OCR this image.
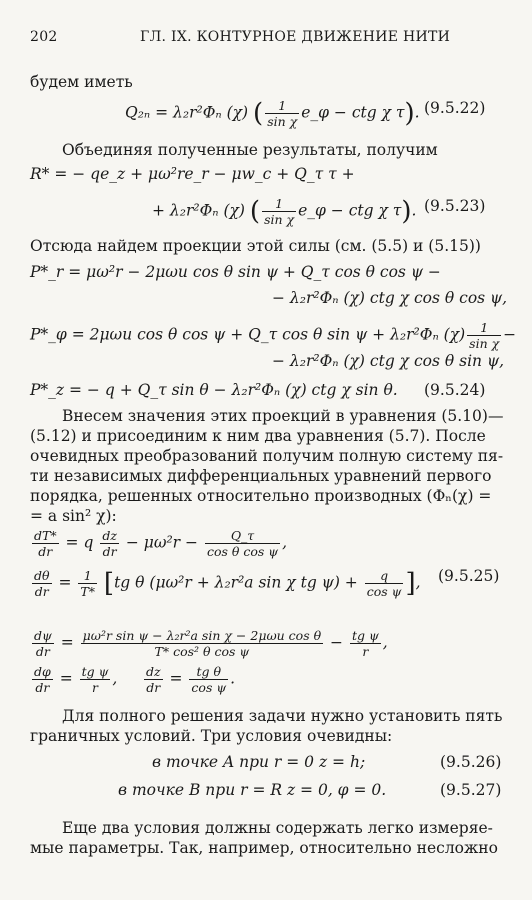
202	ГЛ. IX. КОНТУРНОЕ ДВИЖЕНИЕ НИТИ
будем иметь
Q₂ₙ = λ₂r²Φₙ (χ) ( $\frac{1}{\text{sin χ}}$ e_φ − ctg χ τ). (9.5.22)
Объединяя полученные результаты, получим
R* = − qe_z + μω²re_r − μw_c + Q_τ τ +
+ λ₂r²Φₙ (χ) ( $\frac{1}{\text{sin χ}}$ e_φ − ctg χ τ). (9.5.23)
Отсюда найдем проекции этой силы (см. (5.5) и (5.15))
P*_r = μω²r − 2μωu cos θ sin ψ + Q_τ cos θ cos ψ −
− λ₂r²Φₙ (χ) ctg χ cos θ cos ψ,
P*_φ = 2μωu cos θ cos ψ + Q_τ cos θ sin ψ + λ₂r²Φₙ $(\chi) \frac{1}{\text{sin χ}}$ −
− λ₂r²Φₙ (χ) ctg χ cos θ sin ψ,
P*_z = − q + Q_τ sin θ − λ₂r²Φₙ (χ) ctg χ sin θ. (9.5.24)
Внесем значения этих проекций в уравнения (5.10)—
(5.12) и присоединим к ним два уравнения (5.7). После
очевидных преобразований получим полную систему пя-
ти независимых дифференциальных уравнений первого
порядка, решенных относительно производных (Φₙ(χ) =
= a sin² χ):
$\frac{dT*}{dr} = q \frac{dz}{dr} - \mu\omega^2r - \frac{Q\_\tau}{\text{cos θ cos ψ}}$ ,
$\frac{d\theta}{dr} = \frac{1}{T*} [tg$ θ (μω²r + λ₂r²a sin χ tg $\psi) + \frac{q}{\text{cos ψ}}$ ], (9.5.25)
$\frac{d\psi}{dr} = \frac{\text{μω²r sin ψ − λ₂r²a sin χ − 2μωu cos θ}}{\text{T* cos² θ cos ψ}} - \frac{\text{tg ψ}}{r}$ ,
$\frac{d\varphi}{dr} = \frac{\text{tg ψ}}{r}$ , $\frac{dz}{dr} = \frac{\text{tg θ}}{\text{cos ψ}}$ .
Для полного решения задачи нужно установить пять
граничных условий. Три условия очевидны:
в точке A при r = 0 z = h;	(9.5.26)
в точке B при r = R z = 0, φ = 0.	(9.5.27)
Еще два условия должны содержать легко измеряе-
мые параметры. Так, например, относительно несложно
